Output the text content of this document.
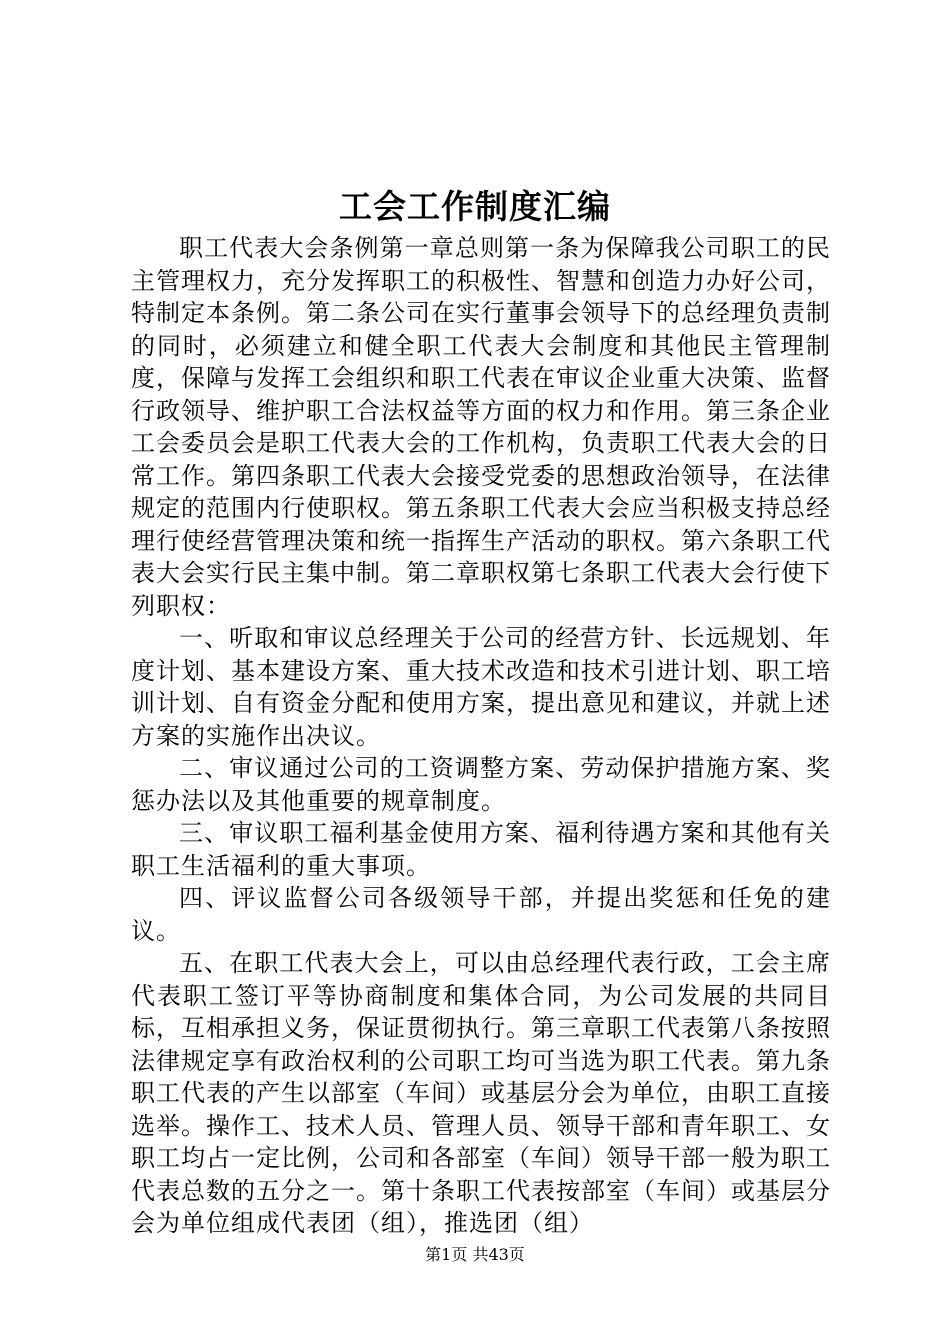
工会工作制度汇编

职工代表大会条例第一章总则第一条为保障我公司职工的民主管理权力，充分发挥职工的积极性、智慧和创造力办好公司，特制定本条例。第二条公司在实行董事会领导下的总经理负责制的同时，必须建立和健全职工代表大会制度和其他民主管理制度，保障与发挥工会组织和职工代表在审议企业重大决策、监督行政领导、维护职工合法权益等方面的权力和作用。第三条企业工会委员会是职工代表大会的工作机构，负责职工代表大会的日常工作。第四条职工代表大会接受党委的思想政治领导，在法律规定的范围内行使职权。第五条职工代表大会应当积极支持总经理行使经营管理决策和统一指挥生产活动的职权。第六条职工代表大会实行民主集中制。第二章职权第七条职工代表大会行使下列职权：

一、听取和审议总经理关于公司的经营方针、长远规划、年度计划、基本建设方案、重大技术改造和技术引进计划、职工培训计划、自有资金分配和使用方案，提出意见和建议，并就上述方案的实施作出决议。

二、审议通过公司的工资调整方案、劳动保护措施方案、奖惩办法以及其他重要的规章制度。

三、审议职工福利基金使用方案、福利待遇方案和其他有关职工生活福利的重大事项。

四、评议监督公司各级领导干部，并提出奖惩和任免的建议。

五、在职工代表大会上，可以由总经理代表行政，工会主席代表职工签订平等协商制度和集体合同，为公司发展的共同目标，互相承担义务，保证贯彻执行。第三章职工代表第八条按照法律规定享有政治权利的公司职工均可当选为职工代表。第九条职工代表的产生以部室（车间）或基层分会为单位，由职工直接选举。操作工、技术人员、管理人员、领导干部和青年职工、女职工均占一定比例，公司和各部室（车间）领导干部一般为职工代表总数的五分之一。第十条职工代表按部室（车间）或基层分会为单位组成代表团（组），推选团（组）

第1页 共43页
